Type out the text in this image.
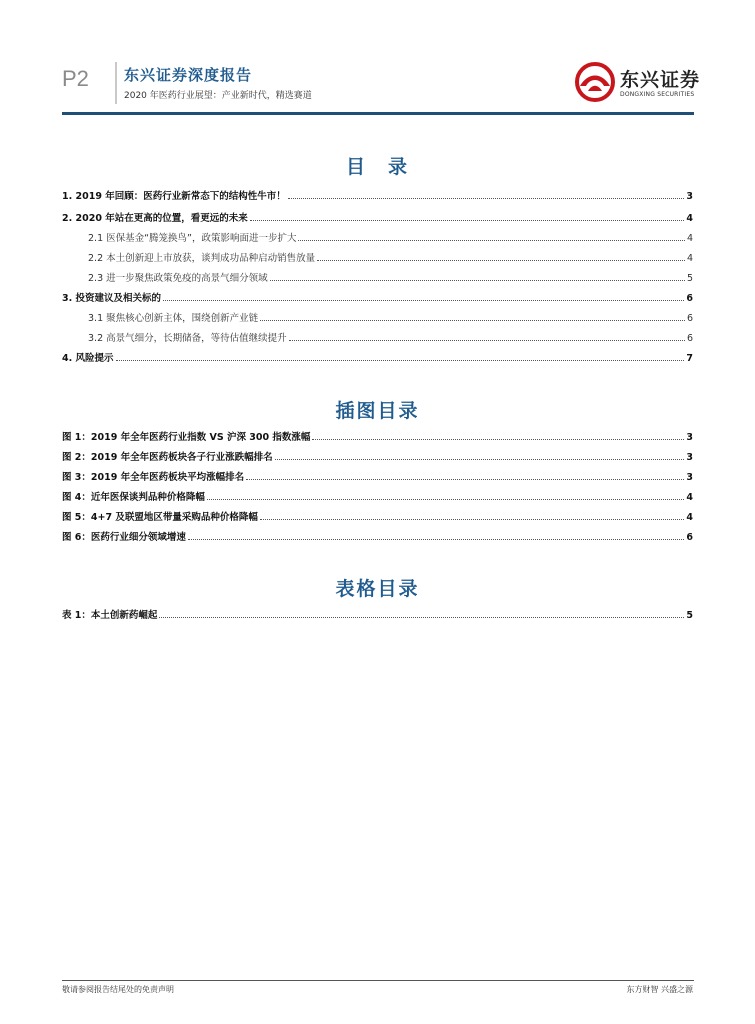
P2 东兴证券深度报告
2020 年医药行业展望：产业新时代，精选赛道
东兴证券
DONGXING SECURITIES
目　录
1. 2019 年回顾：医药行业新常态下的结构性牛市！	3
2. 2020 年站在更高的位置，看更远的未来	4
2.1 医保基金“腾笼换鸟”，政策影响面进一步扩大	4
2.2 本土创新迎上市放获，谈判成功品种启动销售放量	4
2.3 进一步聚焦政策免疫的高景气细分领域	5
3. 投资建议及相关标的	6
3.1 聚焦核心创新主体，围绕创新产业链	6
3.2 高景气细分，长期储备，等待估值继续提升	6
4. 风险提示	7
插图目录
图 1：2019 年全年医药行业指数 VS 沪深 300 指数涨幅	3
图 2：2019 年全年医药板块各子行业涨跌幅排名	3
图 3：2019 年全年医药板块平均涨幅排名	3
图 4：近年医保谈判品种价格降幅	4
图 5：4+7 及联盟地区带量采购品种价格降幅	4
图 6：医药行业细分领域增速	6
表格目录
表 1：本土创新药崛起	5
敬请参阅报告结尾处的免责声明	东方财智 兴盛之源
